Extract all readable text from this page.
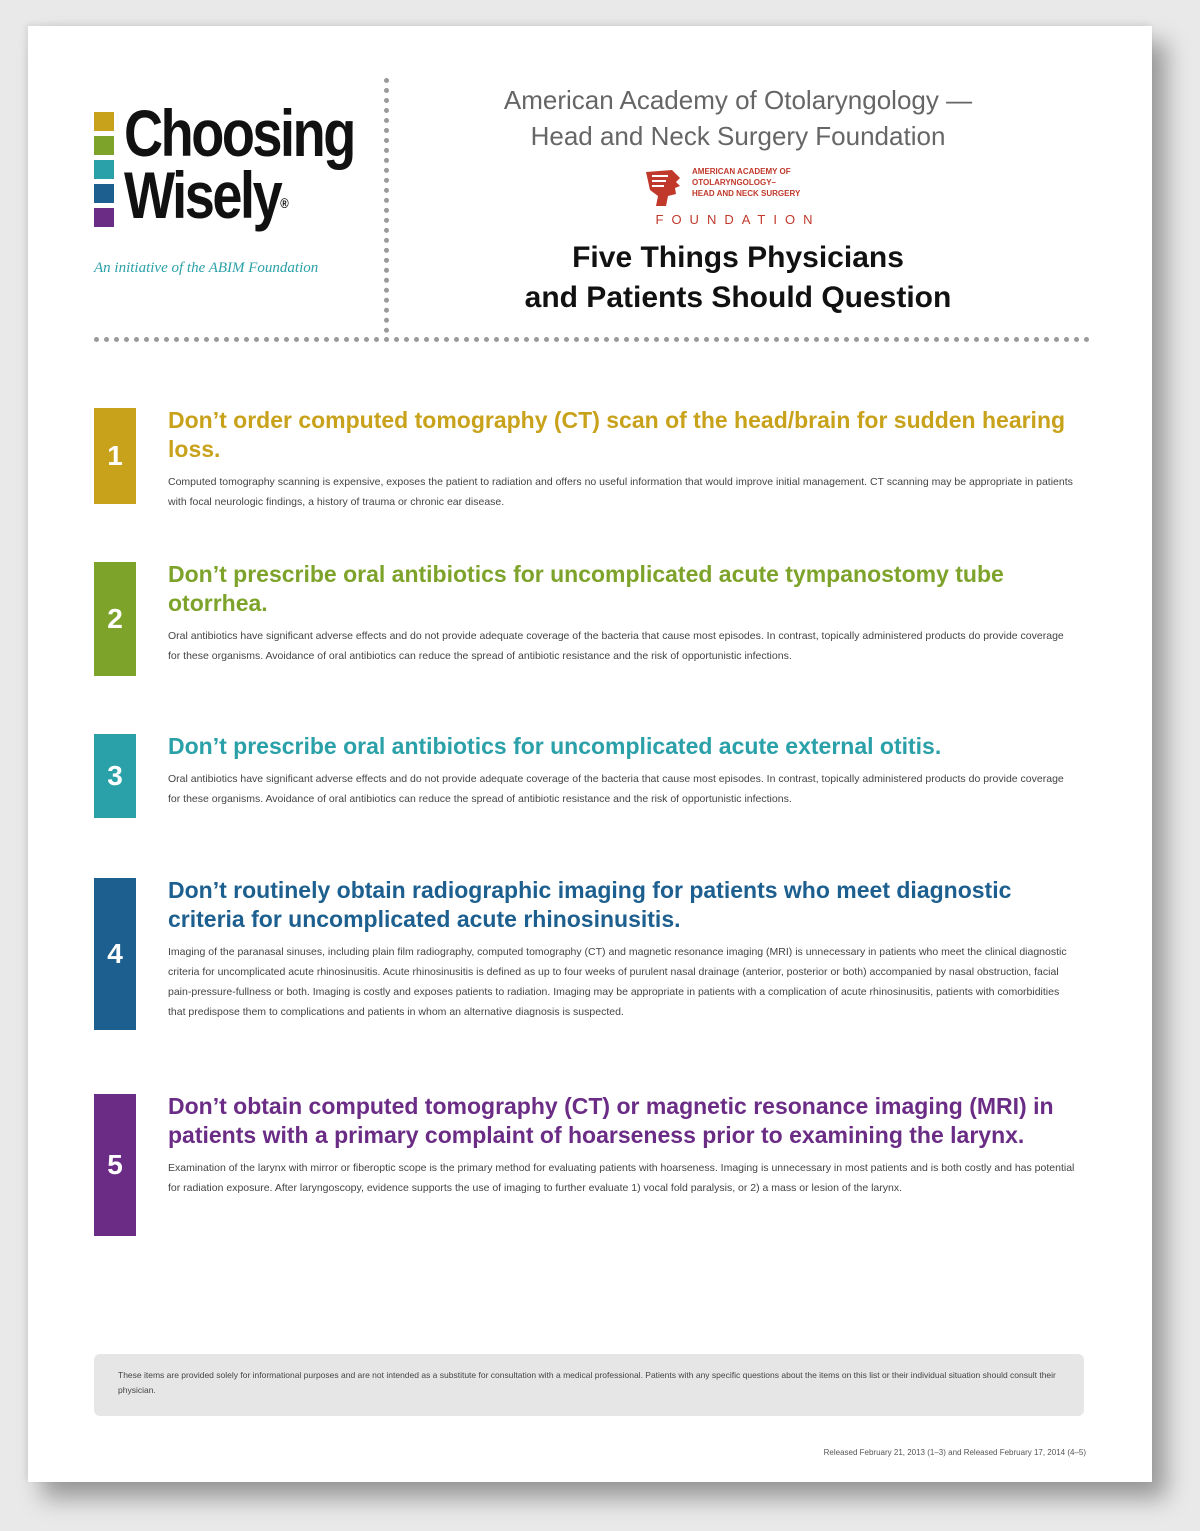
Choosing
Wisely®
An initiative of the ABIM Foundation
American Academy of Otolaryngology —
Head and Neck Surgery Foundation
AMERICAN ACADEMY OF
OTOLARYNGOLOGY–
HEAD AND NECK SURGERY
FOUNDATION
Five Things Physicians
and Patients Should Question
1

Don’t order computed tomography (CT) scan of the head/brain for sudden hearing loss.

Computed tomography scanning is expensive, exposes the patient to radiation and offers no useful information that would improve initial management. CT scanning may be appropriate in patients with focal neurologic findings, a history of trauma or chronic ear disease.

2

Don’t prescribe oral antibiotics for uncomplicated acute tympanostomy tube otorrhea.

Oral antibiotics have significant adverse effects and do not provide adequate coverage of the bacteria that cause most episodes. In contrast, topically administered products do provide coverage for these organisms. Avoidance of oral antibiotics can reduce the spread of antibiotic resistance and the risk of opportunistic infections.

3

Don’t prescribe oral antibiotics for uncomplicated acute external otitis.

Oral antibiotics have significant adverse effects and do not provide adequate coverage of the bacteria that cause most episodes. In contrast, topically administered products do provide coverage for these organisms. Avoidance of oral antibiotics can reduce the spread of antibiotic resistance and the risk of opportunistic infections.

4

Don’t routinely obtain radiographic imaging for patients who meet diagnostic criteria for uncomplicated acute rhinosinusitis.

Imaging of the paranasal sinuses, including plain film radiography, computed tomography (CT) and magnetic resonance imaging (MRI) is unnecessary in patients who meet the clinical diagnostic criteria for uncomplicated acute rhinosinusitis. Acute rhinosinusitis is defined as up to four weeks of purulent nasal drainage (anterior, posterior or both) accompanied by nasal obstruction, facial pain-pressure-fullness or both. Imaging is costly and exposes patients to radiation. Imaging may be appropriate in patients with a complication of acute rhinosinusitis, patients with comorbidities that predispose them to complications and patients in whom an alternative diagnosis is suspected.

5

Don’t obtain computed tomography (CT) or magnetic resonance imaging (MRI) in patients with a primary complaint of hoarseness prior to examining the larynx.

Examination of the larynx with mirror or fiberoptic scope is the primary method for evaluating patients with hoarseness. Imaging is unnecessary in most patients and is both costly and has potential for radiation exposure. After laryngoscopy, evidence supports the use of imaging to further evaluate 1) vocal fold paralysis, or 2) a mass or lesion of the larynx.

These items are provided solely for informational purposes and are not intended as a substitute for consultation with a medical professional. Patients with any specific questions about the items on this list or their individual situation should consult their physician.
Released February 21, 2013 (1–3) and Released February 17, 2014 (4–5)
